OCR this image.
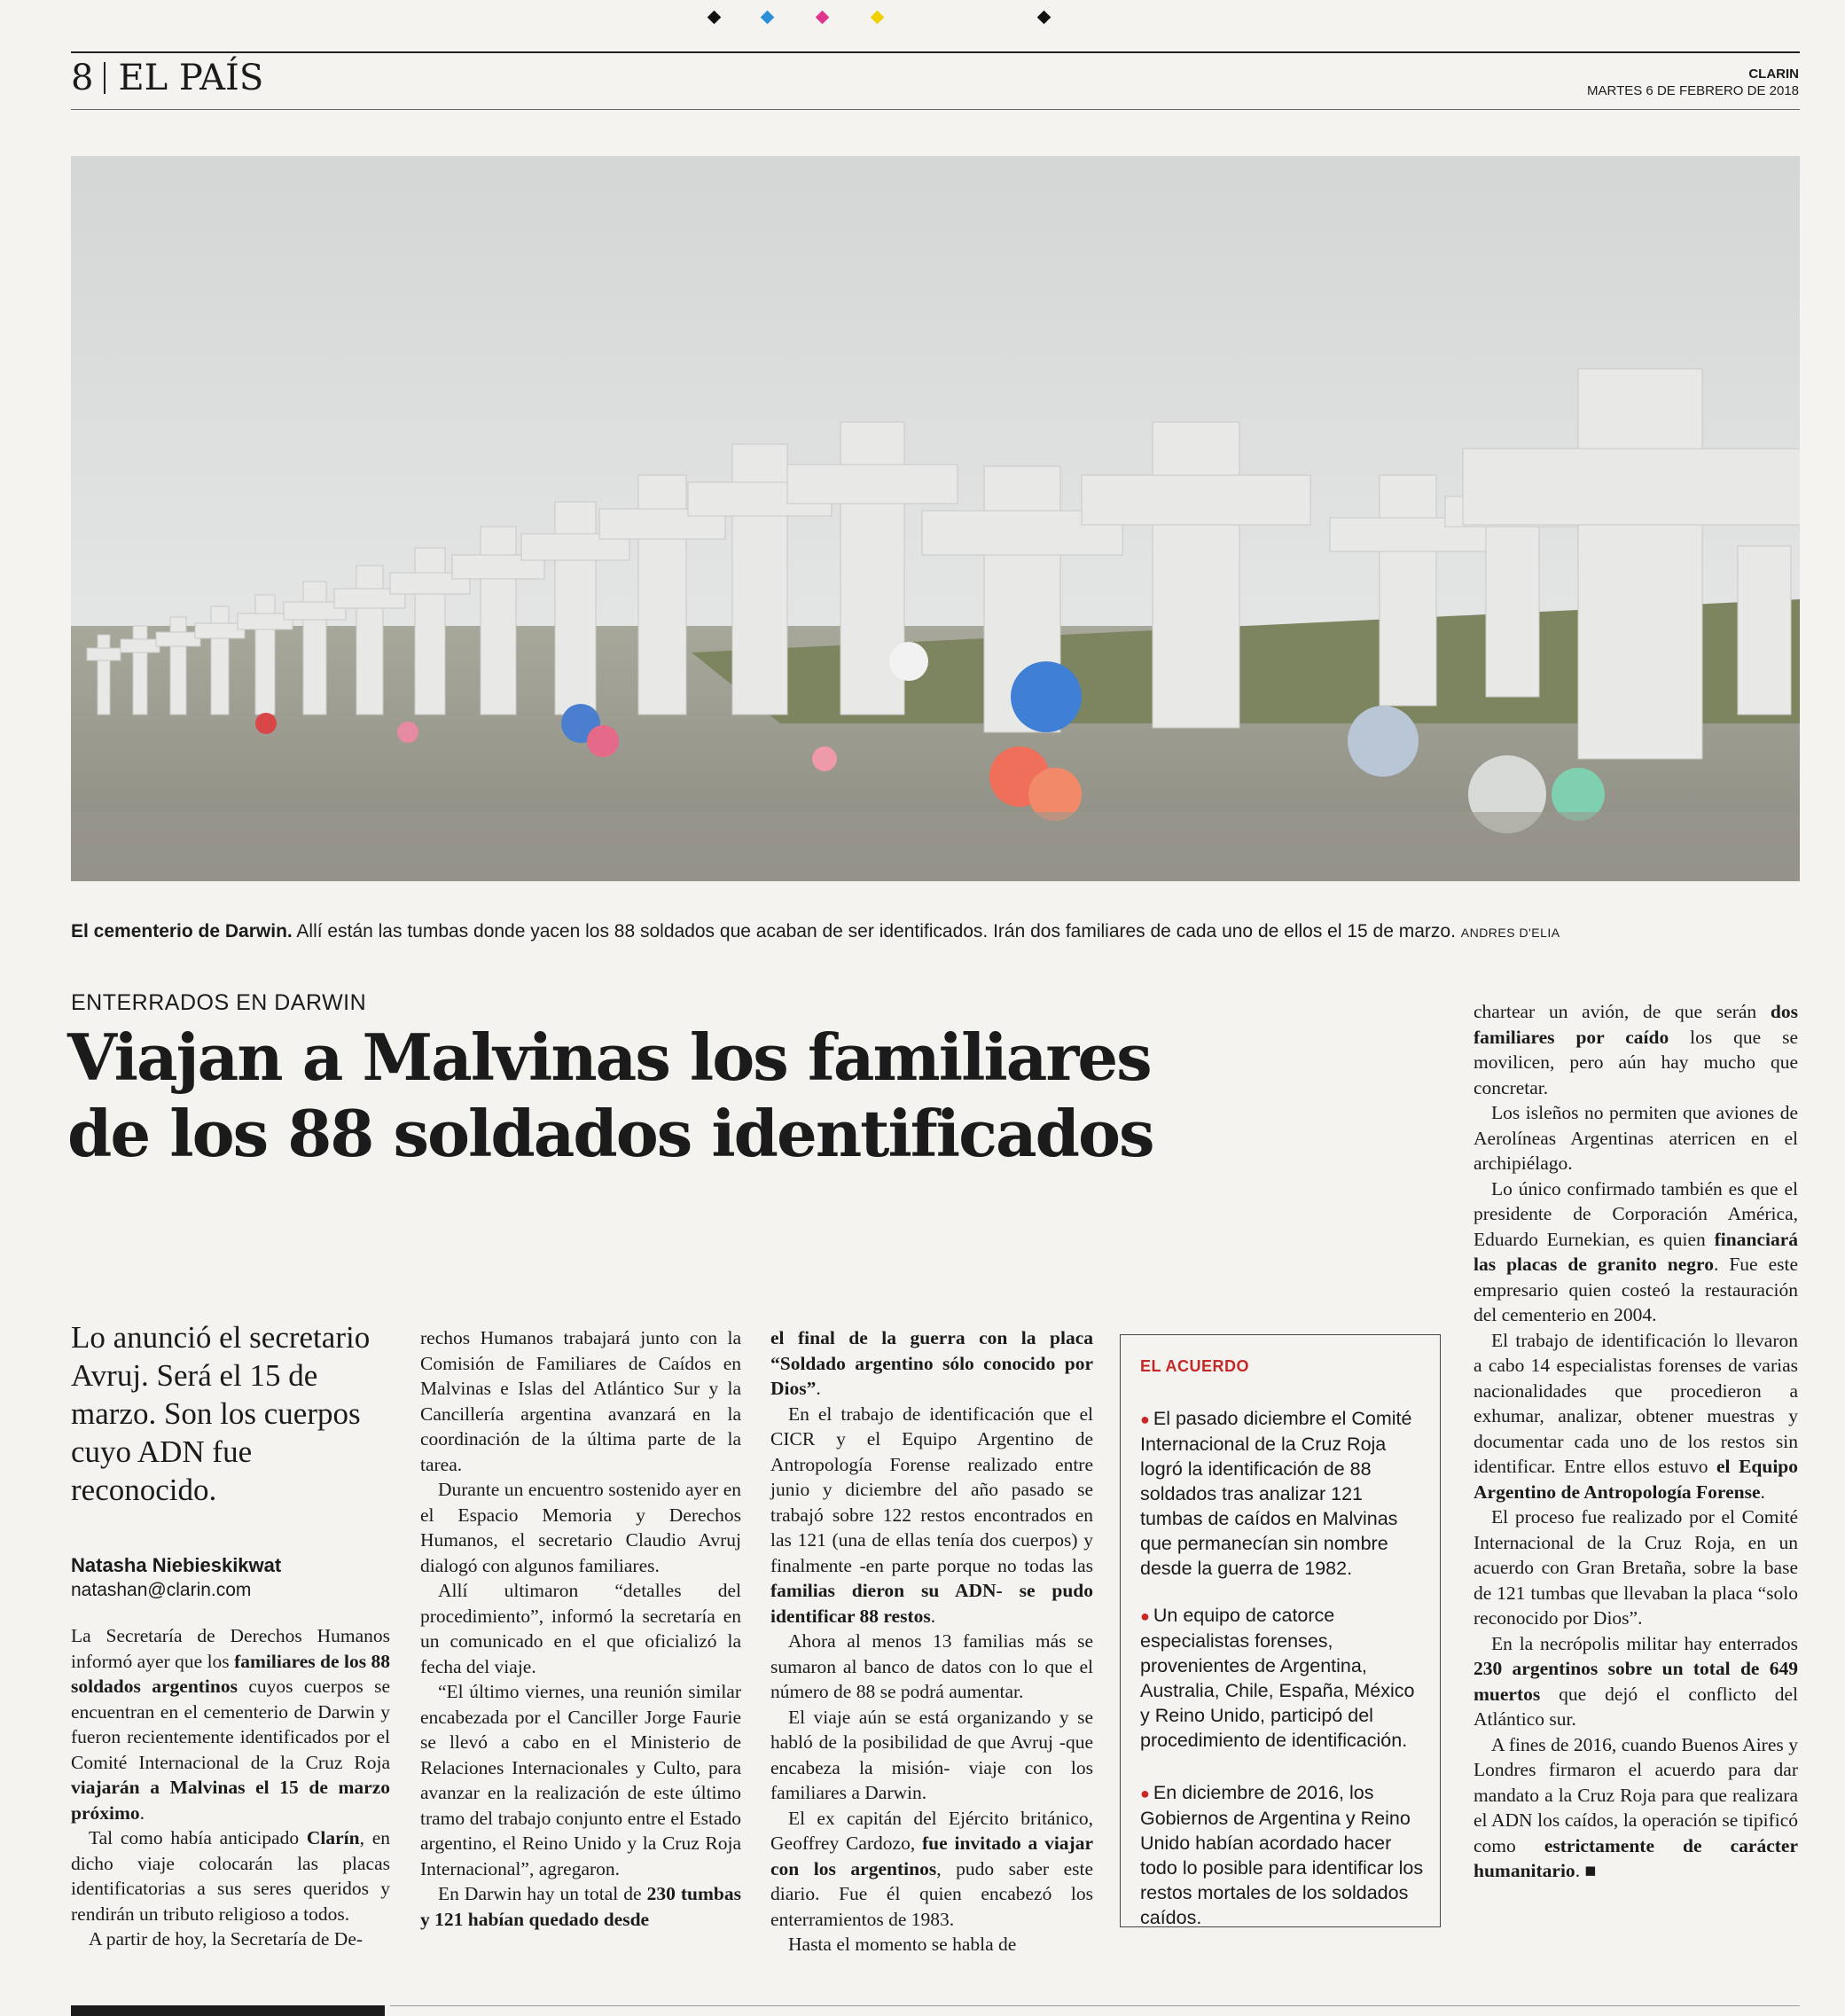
8 EL PAÍS	CLARIN
MARTES 6 DE FEBRERO DE 2018
El cementerio de Darwin. Allí están las tumbas donde yacen los 88 soldados que acaban de ser identificados. Irán dos familiares de cada uno de ellos el 15 de marzo. ANDRES D'ELIA
ENTERRADOS EN DARWIN
Viajan a Malvinas los familiares
de los 88 soldados identificados

Lo anunció el secretario Avruj. Será el 15 de marzo. Son los cuerpos cuyo ADN fue reconocido.

Natasha Niebieskikwat
natashan@clarin.com

La Secretaría de Derechos Humanos informó ayer que los familiares de los 88 soldados argentinos cuyos cuerpos se encuentran en el cementerio de Darwin y fueron recientemente identificados por el Comité Internacional de la Cruz Roja viajarán a Malvinas el 15 de marzo próximo.

Tal como había anticipado Clarín, en dicho viaje colocarán las placas identificatorias a sus seres queridos y rendirán un tributo religioso a todos.

A partir de hoy, la Secretaría de De-

rechos Humanos trabajará junto con la Comisión de Familiares de Caídos en Malvinas e Islas del Atlántico Sur y la Cancillería argentina avanzará en la coordinación de la última parte de la tarea.

Durante un encuentro sostenido ayer en el Espacio Memoria y Derechos Humanos, el secretario Claudio Avruj dialogó con algunos familiares.

Allí ultimaron “detalles del procedimiento”, informó la secretaría en un comunicado en el que oficializó la fecha del viaje.

“El último viernes, una reunión similar encabezada por el Canciller Jorge Faurie se llevó a cabo en el Ministerio de Relaciones Internacionales y Culto, para avanzar en la realización de este último tramo del trabajo conjunto entre el Estado argentino, el Reino Unido y la Cruz Roja Internacional”, agregaron.

En Darwin hay un total de 230 tumbas y 121 habían quedado desde

el final de la guerra con la placa “Soldado argentino sólo conocido por Dios”.

En el trabajo de identificación que el CICR y el Equipo Argentino de Antropología Forense realizado entre junio y diciembre del año pasado se trabajó sobre 122 restos encontrados en las 121 (una de ellas tenía dos cuerpos) y finalmente -en parte porque no todas las familias dieron su ADN- se pudo identificar 88 restos.

Ahora al menos 13 familias más se sumaron al banco de datos con lo que el número de 88 se podrá aumentar.

El viaje aún se está organizando y se habló de la posibilidad de que Avruj -que encabeza la misión- viaje con los familiares a Darwin.

El ex capitán del Ejército británico, Geoffrey Cardozo, fue invitado a viajar con los argentinos, pudo saber este diario. Fue él quien encabezó los enterramientos de 1983.

Hasta el momento se habla de

EL ACUERDO

● El pasado diciembre el Comité Internacional de la Cruz Roja logró la identificación de 88 soldados tras analizar 121 tumbas de caídos en Malvinas que permanecían sin nombre desde la guerra de 1982.

● Un equipo de catorce especialistas forenses, provenientes de Argentina, Australia, Chile, España, México y Reino Unido, participó del procedimiento de identificación.

● En diciembre de 2016, los Gobiernos de Argentina y Reino Unido habían acordado hacer todo lo posible para identificar los restos mortales de los soldados caídos.

chartear un avión, de que serán dos familiares por caído los que se movilicen, pero aún hay mucho que concretar.

Los isleños no permiten que aviones de Aerolíneas Argentinas aterricen en el archipiélago.

Lo único confirmado también es que el presidente de Corporación América, Eduardo Eurnekian, es quien financiará las placas de granito negro. Fue este empresario quien costeó la restauración del cementerio en 2004.

El trabajo de identificación lo llevaron a cabo 14 especialistas forenses de varias nacionalidades que procedieron a exhumar, analizar, obtener muestras y documentar cada uno de los restos sin identificar. Entre ellos estuvo el Equipo Argentino de Antropología Forense.

El proceso fue realizado por el Comité Internacional de la Cruz Roja, en un acuerdo con Gran Bretaña, sobre la base de 121 tumbas que llevaban la placa “solo reconocido por Dios”.

En la necrópolis militar hay enterrados 230 argentinos sobre un total de 649 muertos que dejó el conflicto del Atlántico sur.

A fines de 2016, cuando Buenos Aires y Londres firmaron el acuerdo para dar mandato a la Cruz Roja para que realizara el ADN los caídos, la operación se tipificó como estrictamente de carácter humanitario. ■
